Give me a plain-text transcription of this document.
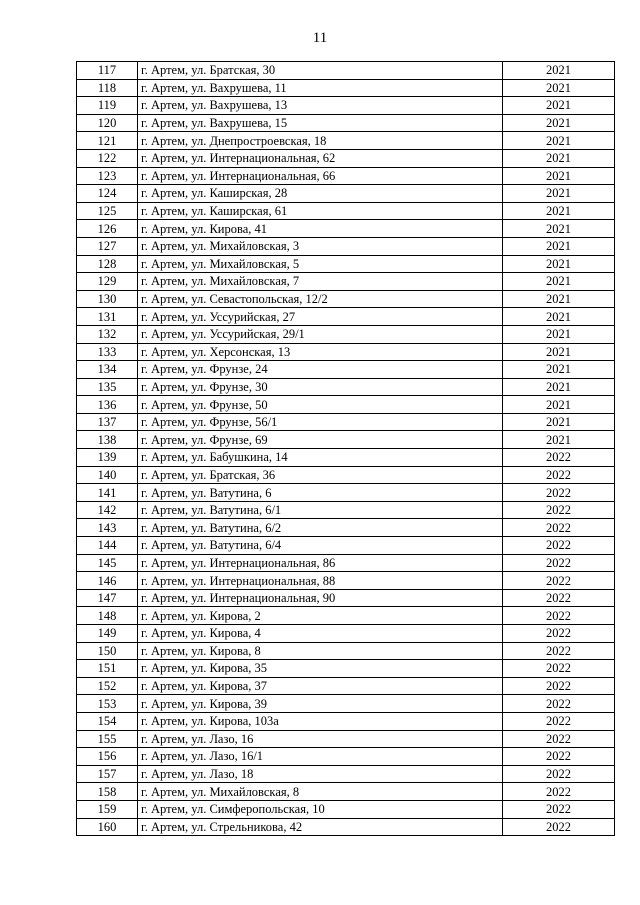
11
117	г. Артем, ул. Братская, 30	2021
118	г. Артем, ул. Вахрушева, 11	2021
119	г. Артем, ул. Вахрушева, 13	2021
120	г. Артем, ул. Вахрушева, 15	2021
121	г. Артем, ул. Днепростроевская, 18	2021
122	г. Артем, ул. Интернациональная, 62	2021
123	г. Артем, ул. Интернациональная, 66	2021
124	г. Артем, ул. Каширская, 28	2021
125	г. Артем, ул. Каширская, 61	2021
126	г. Артем, ул. Кирова, 41	2021
127	г. Артем, ул. Михайловская, 3	2021
128	г. Артем, ул. Михайловская, 5	2021
129	г. Артем, ул. Михайловская, 7	2021
130	г. Артем, ул. Севастопольская, 12/2	2021
131	г. Артем, ул. Уссурийская, 27	2021
132	г. Артем, ул. Уссурийская, 29/1	2021
133	г. Артем, ул. Херсонская, 13	2021
134	г. Артем, ул. Фрунзе, 24	2021
135	г. Артем, ул. Фрунзе, 30	2021
136	г. Артем, ул. Фрунзе, 50	2021
137	г. Артем, ул. Фрунзе, 56/1	2021
138	г. Артем, ул. Фрунзе, 69	2021
139	г. Артем, ул. Бабушкина, 14	2022
140	г. Артем, ул. Братская, 36	2022
141	г. Артем, ул. Ватутина, 6	2022
142	г. Артем, ул. Ватутина, 6/1	2022
143	г. Артем, ул. Ватутина, 6/2	2022
144	г. Артем, ул. Ватутина, 6/4	2022
145	г. Артем, ул. Интернациональная, 86	2022
146	г. Артем, ул. Интернациональная, 88	2022
147	г. Артем, ул. Интернациональная, 90	2022
148	г. Артем, ул. Кирова, 2	2022
149	г. Артем, ул. Кирова, 4	2022
150	г. Артем, ул. Кирова, 8	2022
151	г. Артем, ул. Кирова, 35	2022
152	г. Артем, ул. Кирова, 37	2022
153	г. Артем, ул. Кирова, 39	2022
154	г. Артем, ул. Кирова, 103а	2022
155	г. Артем, ул. Лазо, 16	2022
156	г. Артем, ул. Лазо, 16/1	2022
157	г. Артем, ул. Лазо, 18	2022
158	г. Артем, ул. Михайловская, 8	2022
159	г. Артем, ул. Симферопольская, 10	2022
160	г. Артем, ул. Стрельникова, 42	2022
